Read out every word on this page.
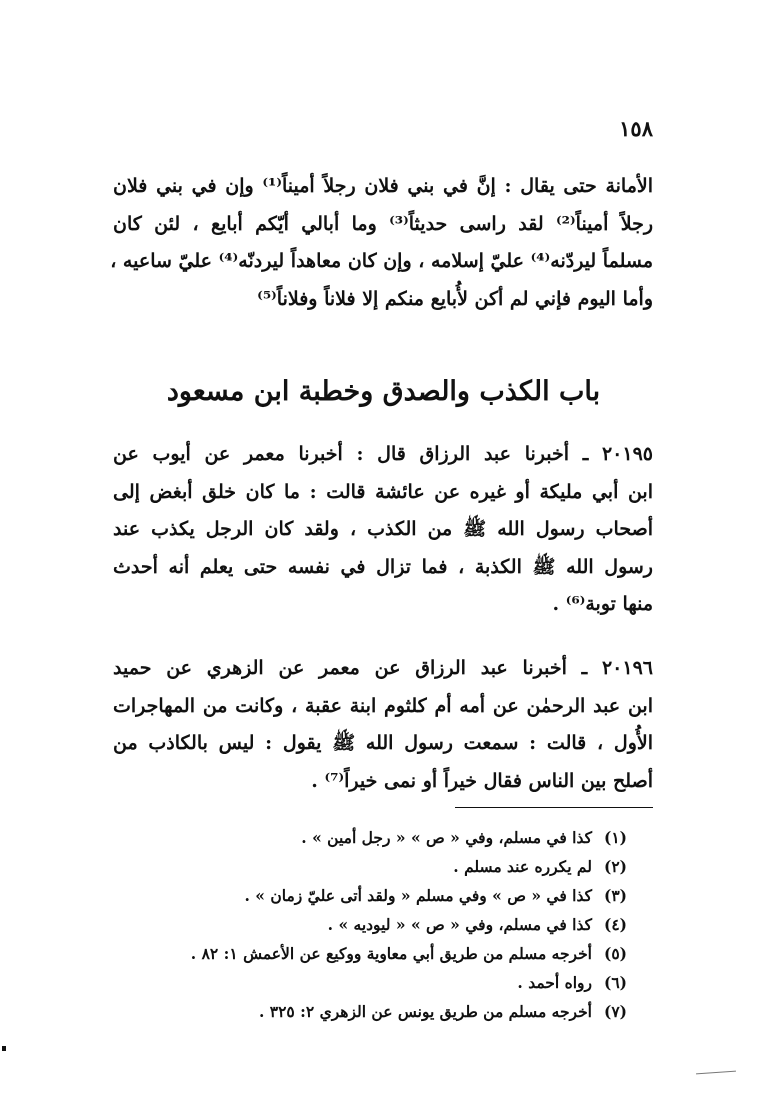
١٥٨
الأمانة حتى يقال : إنَّ في بني فلان رجلاً أميناً⁽¹⁾ وإن في بني فلان
رجلاً أميناً⁽²⁾ لقد راسى حديثاً⁽³⁾ وما أبالي أيّكم أبايع ، لئن كان
مسلماً ليردّنه⁽⁴⁾ عليّ إسلامه ، وإن كان معاهداً ليردنّه⁽⁴⁾ عليّ ساعيه ،
وأما اليوم فإني لم أكن لأُبايع منكم إلا فلاناً وفلاناً⁽⁵⁾
باب الكذب والصدق وخطبة ابن مسعود
٢٠١٩٥ ـ أخبرنا عبد الرزاق قال : أخبرنا معمر عن أيوب عن
ابن أبي مليكة أو غيره عن عائشة قالت : ما كان خلق أبغض إلى
أصحاب رسول الله ﷺ من الكذب ، ولقد كان الرجل يكذب عند
رسول الله ﷺ الكذبة ، فما تزال في نفسه حتى يعلم أنه أحدث
منها توبة⁽⁶⁾ .
٢٠١٩٦ ـ أخبرنا عبد الرزاق عن معمر عن الزهري عن حميد
ابن عبد الرحمٰن عن أمه أم كلثوم ابنة عقبة ، وكانت من المهاجرات
الأُول ، قالت : سمعت رسول الله ﷺ يقول : ليس بالكاذب من
أصلح بين الناس فقال خيراً أو نمى خيراً⁽⁷⁾ .
(١)كذا في مسلم، وفي « ص » « رجل أمين » .
(٢)لم يكرره عند مسلم .
(٣)كذا في « ص » وفي مسلم « ولقد أتى عليّ زمان » .
(٤)كذا في مسلم، وفي « ص » « ليوديه » .
(٥)أخرجه مسلم من طريق أبي معاوية ووكيع عن الأعمش ١: ٨٢ .
(٦)رواه أحمد .
(٧)أخرجه مسلم من طريق يونس عن الزهري ٢: ٣٢٥ .
